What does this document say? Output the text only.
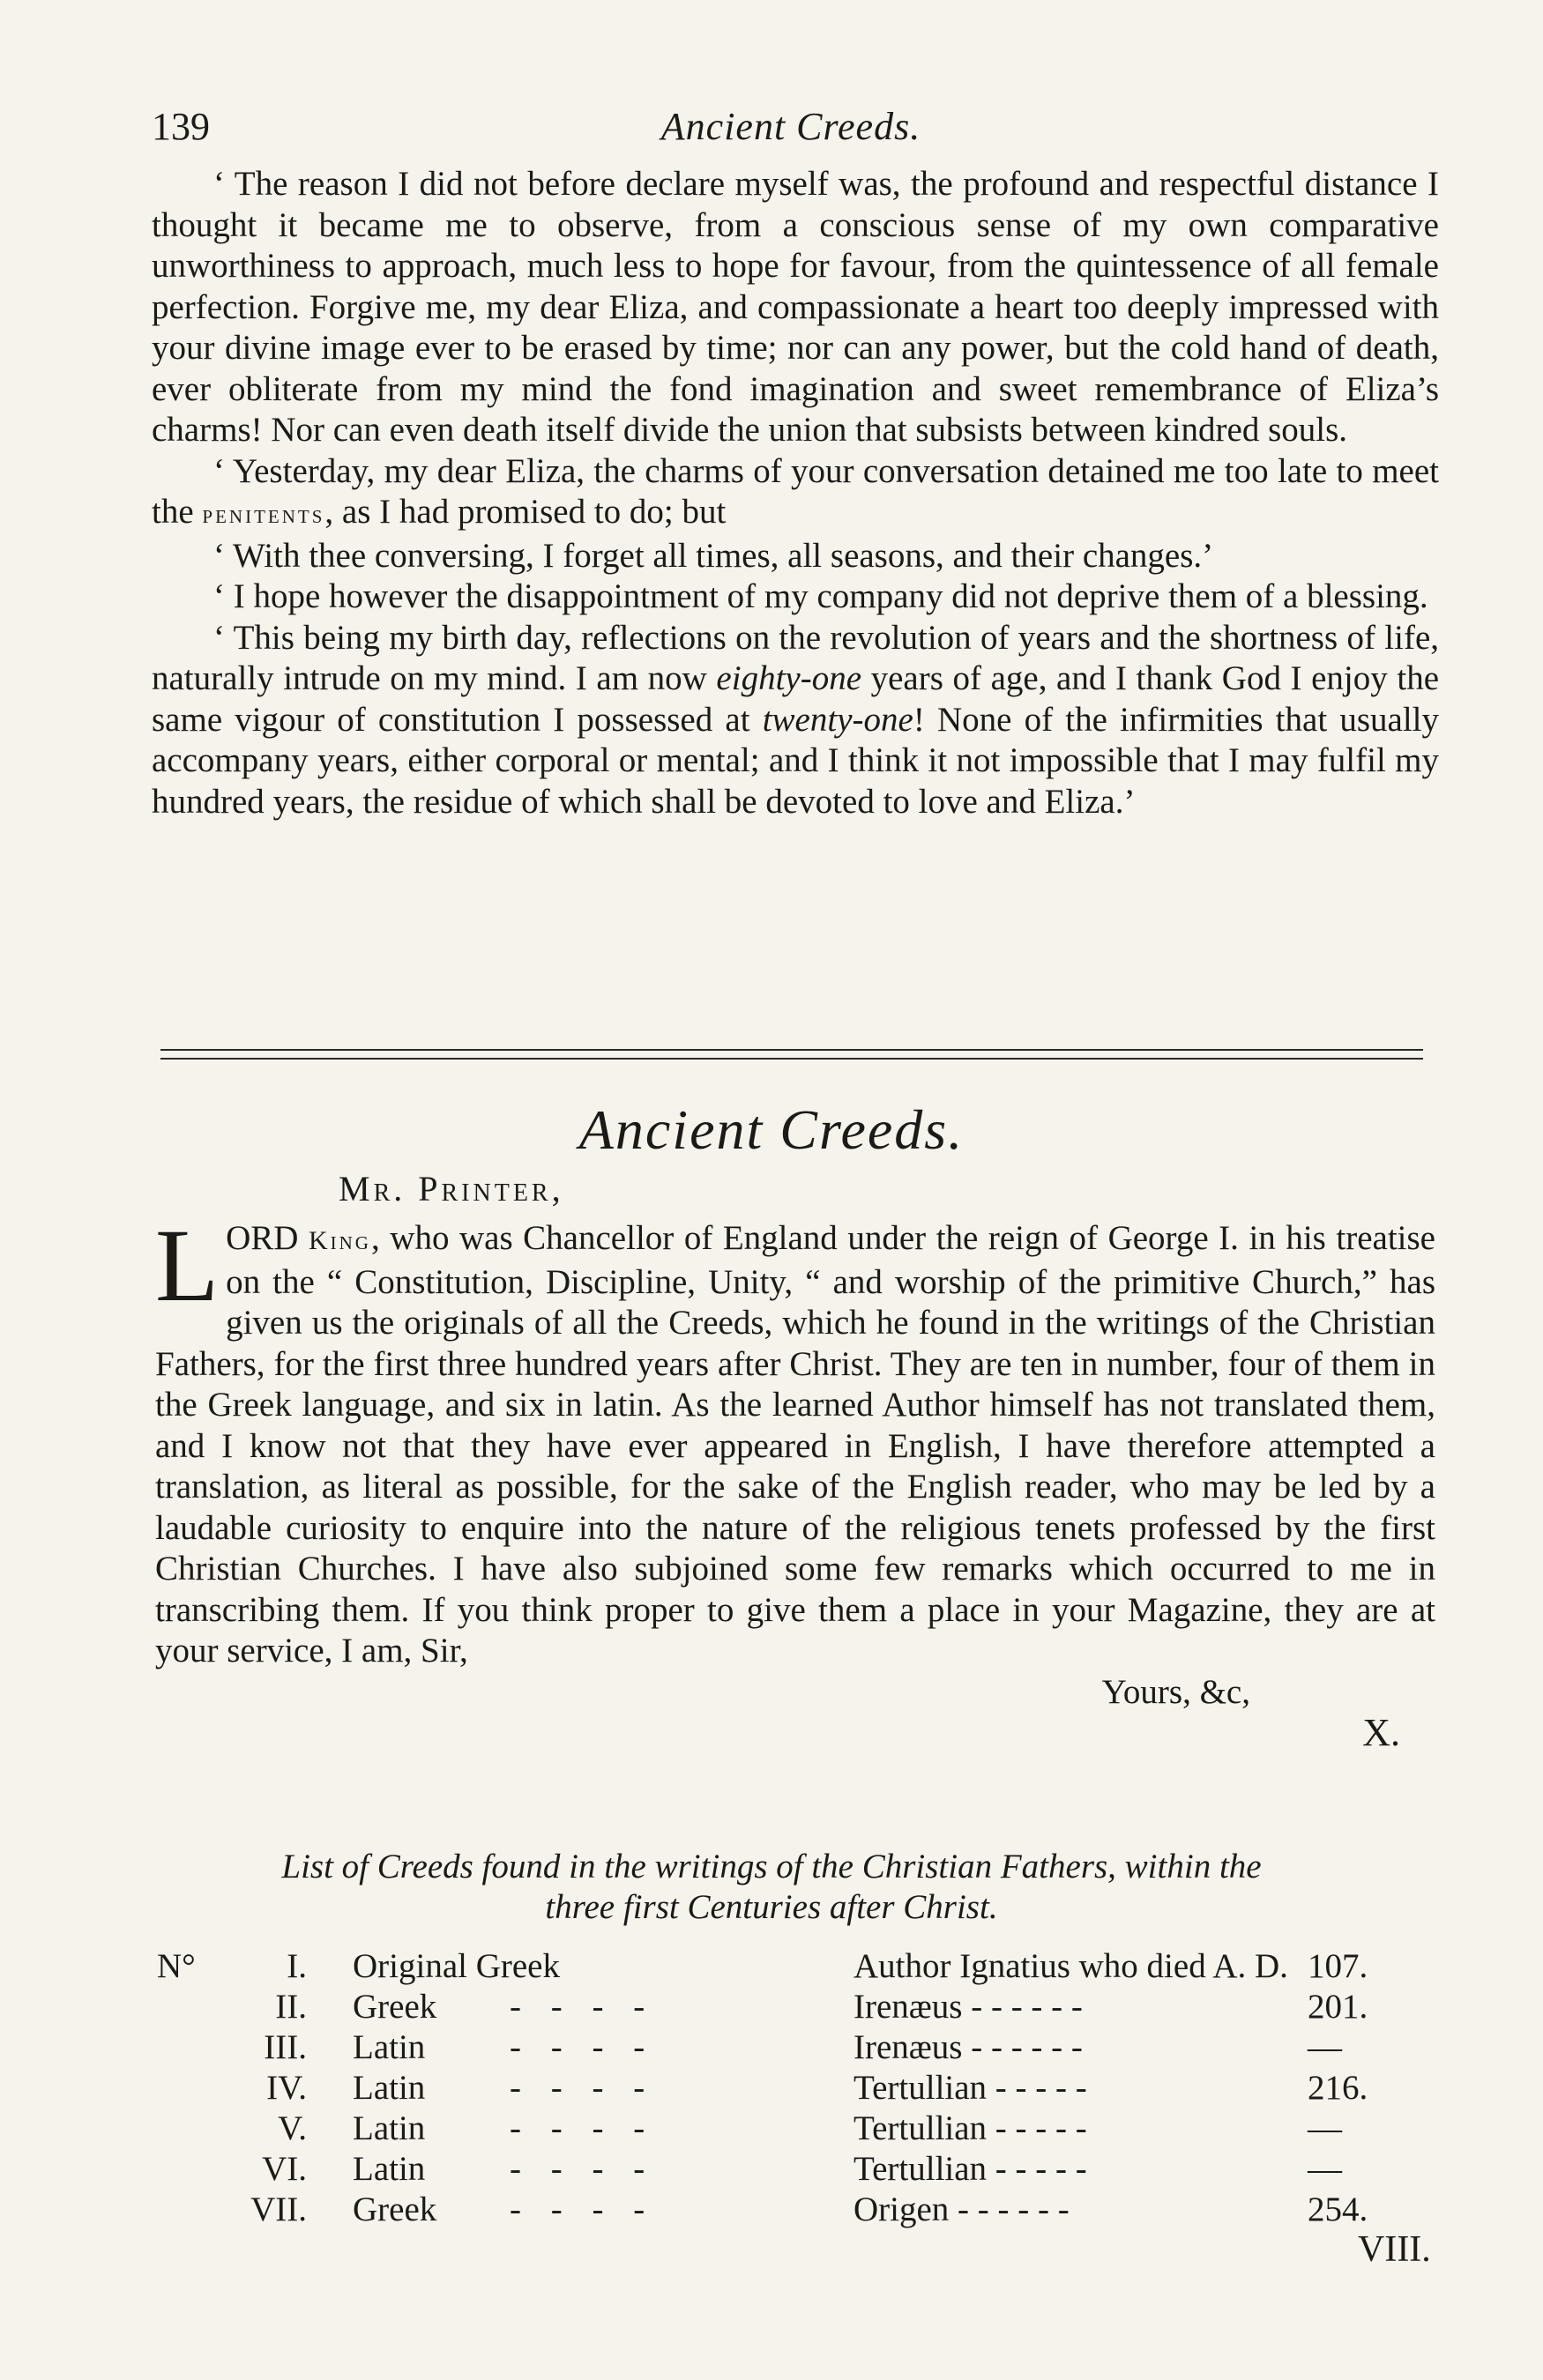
139	Ancient Creeds.

‘ The reason I did not before declare myself was, the profound and respectful distance I thought it became me to observe, from a conscious sense of my own comparative unworthiness to approach, much less to hope for favour, from the quintessence of all female perfection. Forgive me, my dear Eliza, and compassionate a heart too deeply impressed with your divine image ever to be erased by time; nor can any power, but the cold hand of death, ever obliterate from my mind the fond imagination and sweet remembrance of Eliza’s charms! Nor can even death itself divide the union that subsists between kindred souls.

‘ Yesterday, my dear Eliza, the charms of your conversation detained me too late to meet the penitents, as I had promised to do; but

‘ With thee conversing, I forget all times, all seasons, and their changes.’

‘ I hope however the disappointment of my company did not deprive them of a blessing.

‘ This being my birth day, reflections on the revolution of years and the shortness of life, naturally intrude on my mind. I am now eighty-one years of age, and I thank God I enjoy the same vigour of constitution I possessed at twenty-one! None of the infirmities that usually accompany years, either corporal or mental; and I think it not impossible that I may fulfil my hundred years, the residue of which shall be devoted to love and Eliza.’

Ancient Creeds.
Mr. Printer,
L ORD King, who was Chancellor of England under the reign of George I. in his treatise on the “ Constitution, Discipline, Unity, “ and worship of the primitive Church,” has given us the originals of all the Creeds, which he found in the writings of the Christian Fathers, for the first three hundred years after Christ. They are ten in number, four of them in the Greek language, and six in latin. As the learned Author himself has not translated them, and I know not that they have ever appeared in English, I have therefore attempted a translation, as literal as possible, for the sake of the English reader, who may be led by a laudable curiosity to enquire into the nature of the religious tenets professed by the first Christian Churches. I have also subjoined some few remarks which occurred to me in transcribing them. If you think proper to give them a place in your Magazine, they are at your service, I am, Sir,

Yours, &c,
X.
List of Creeds found in the writings of the Christian Fathers, within the
three first Centuries after Christ.
N°	I. Original Greek	Author Ignatius who died A. D. 107.
II. Greek - - - -	Irenæus - - - - - -	201.
III. Latin - - - -	Irenæus - - - - - -	—
IV. Latin - - - -	Tertullian - - - - -	216.
V. Latin - - - -	Tertullian - - - - -	—
VI. Latin - - - -	Tertullian - - - - -	—
VII. Greek - - - -	Origen - - - - - -	254.
VIII.
